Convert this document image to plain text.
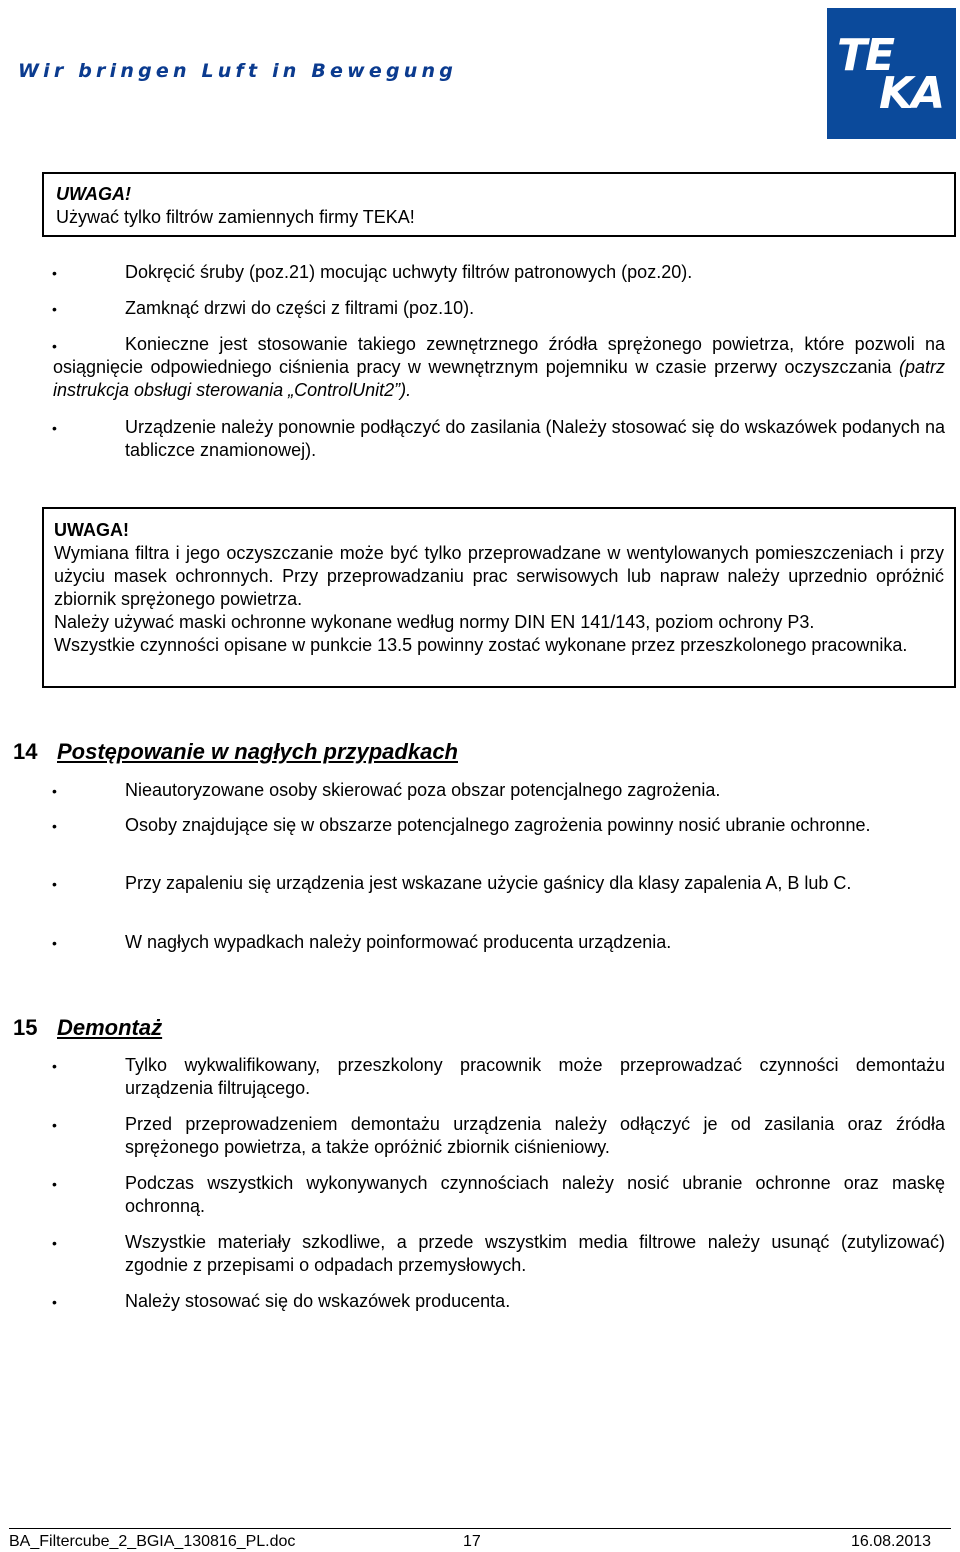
Wir bringen Luft in Bewegung	TE
KA

UWAGA!

Używać tylko filtrów zamiennych firmy TEKA!

•	Dokręcić śruby (poz.21) mocując uchwyty filtrów patronowych (poz.20).
•	Zamknąć drzwi do części z filtrami (poz.10).
•	Konieczne jest stosowanie takiego zewnętrznego źródła sprężonego powietrza, które pozwoli na osiągnięcie odpowiedniego ciśnienia pracy w wewnętrznym pojemniku w czasie przerwy oczyszczania (patrz instrukcja obsługi sterowania „ControlUnit2”).
•	Urządzenie należy ponownie podłączyć do zasilania (Należy stosować się do wskazówek podanych na tabliczce znamionowej).

UWAGA!

Wymiana filtra i jego oczyszczanie może być tylko przeprowadzane w wentylowanych pomieszczeniach i przy użyciu masek ochronnych. Przy przeprowadzaniu prac serwisowych lub napraw należy uprzednio opróżnić zbiornik sprężonego powietrza.

Należy używać maski ochronne wykonane według normy DIN EN 141/143, poziom ochrony P3.

Wszystkie czynności opisane w punkcie 13.5 powinny zostać wykonane przez przeszkolonego pracownika.

14 Postępowanie w nagłych przypadkach
•	Nieautoryzowane osoby skierować poza obszar potencjalnego zagrożenia.
•	Osoby znajdujące się w obszarze potencjalnego zagrożenia powinny nosić ubranie ochronne.
•	Przy zapaleniu się urządzenia jest wskazane użycie gaśnicy dla klasy zapalenia A, B lub C.
•	W nagłych wypadkach należy poinformować producenta urządzenia.
15 Demontaż
•	Tylko wykwalifikowany, przeszkolony pracownik może przeprowadzać czynności demontażu urządzenia filtrującego.
•	Przed przeprowadzeniem demontażu urządzenia należy odłączyć je od zasilania oraz źródła sprężonego powietrza, a także opróżnić zbiornik ciśnieniowy.
•	Podczas wszystkich wykonywanych czynnościach należy nosić ubranie ochronne oraz maskę ochronną.
•	Wszystkie materiały szkodliwe, a przede wszystkim media filtrowe należy usunąć (zutylizować) zgodnie z przepisami o odpadach przemysłowych.
•	Należy stosować się do wskazówek producenta.
BA_Filtercube_2_BGIA_130816_PL.doc	17	16.08.2013
